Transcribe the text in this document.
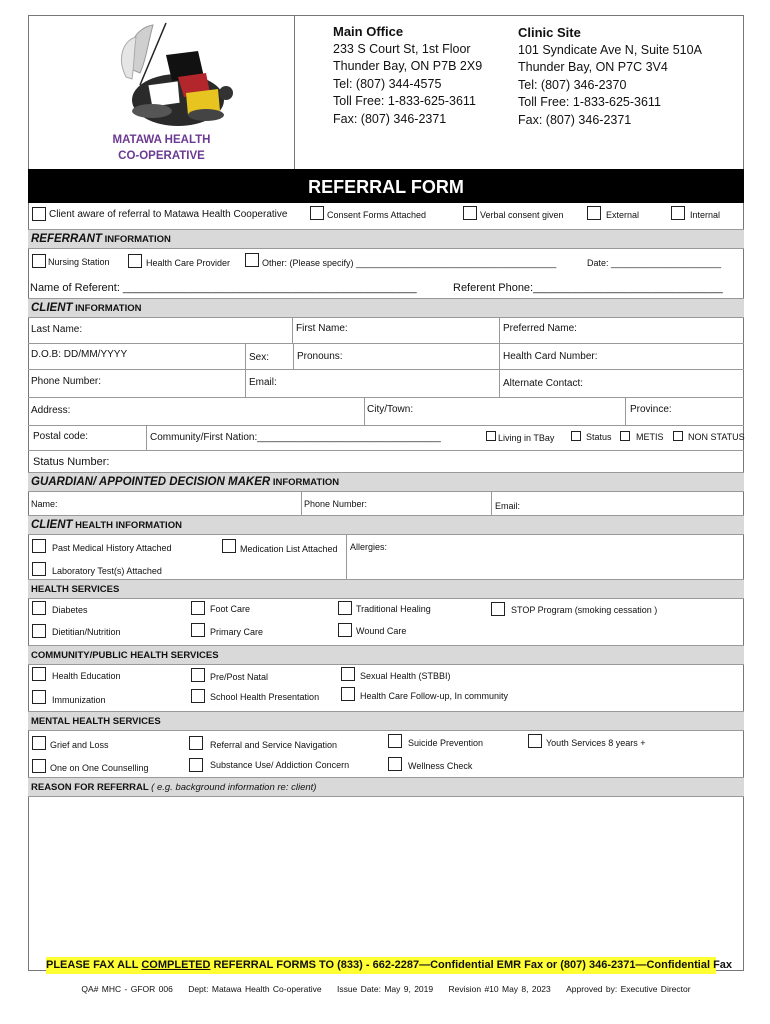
MATAWA HEALTH
CO-OPERATIVE
Main Office
233 S Court St, 1st Floor
Thunder Bay, ON P7B 2X9
Tel: (807) 344-4575
Toll Free: 1-833-625-3611
Fax: (807) 346-2371
Clinic Site
101 Syndicate Ave N, Suite 510A
Thunder Bay, ON P7C 3V4
Tel: (807) 346-2370
Toll Free: 1-833-625-3611
Fax: (807) 346-2371
REFERRAL FORM
Client aware of referral to Matawa Health Cooperative	Consent Forms Attached	Verbal consent given	External	Internal
REFERRANT INFORMATION
Nursing Station	Health Care Provider	Other: (Please specify) ________________________________________	Date: ______________________
Name of Referent: ________________________________________________	Referent Phone:_______________________________
CLIENT INFORMATION
Last Name:	First Name:	Preferred Name:
D.O.B: DD/MM/YYYY	Sex:	Pronouns:	Health Card Number:
Phone Number:	Email:	Alternate Contact:
Address:	City/Town:	Province:
Postal code:	Community/First Nation:_________________________________	Living in TBay	Status	METIS	NON STATUS
Status Number:
GUARDIAN/ APPOINTED DECISION MAKER INFORMATION
Name:	Phone Number:	Email:
CLIENT HEALTH INFORMATION
Past Medical History Attached	Medication List Attached Allergies:
Laboratory Test(s) Attached
HEALTH SERVICES
Diabetes	Foot Care	Traditional Healing	STOP Program (smoking cessation )
Dietitian/Nutrition	Primary Care	Wound Care
COMMUNITY/PUBLIC HEALTH SERVICES
Health Education	Pre/Post Natal	Sexual Health (STBBI)
Immunization	School Health Presentation	Health Care Follow-up, In community
MENTAL HEALTH SERVICES
Grief and Loss	Referral and Service Navigation	Suicide Prevention	Youth Services 8 years +
One on One Counselling	Substance Use/ Addiction Concern	Wellness Check
REASON FOR REFERRAL ( e.g. background information re: client)
PLEASE FAX ALL COMPLETED REFERRAL FORMS TO (833) - 662-2287—Confidential EMR Fax or (807) 346-2371—Confidential Fax
QA# MHC - GFOR 006 Dept: Matawa Health Co-operative Issue Date: May 9, 2019 Revision #10 May 8, 2023 Approved by: Executive Director
